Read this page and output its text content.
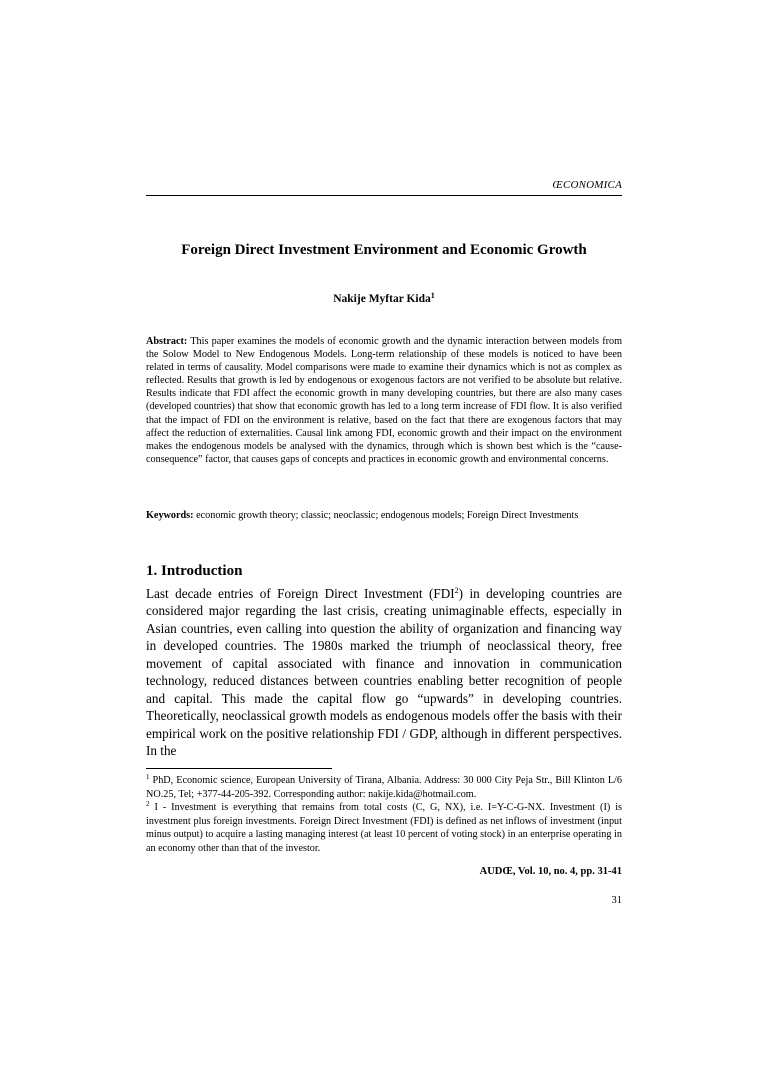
ŒCONOMICA
Foreign Direct Investment Environment and Economic Growth
Nakije Myftar Kida$^1$
Abstract: This paper examines the models of economic growth and the dynamic interaction between models from the Solow Model to New Endogenous Models. Long-term relationship of these models is noticed to have been related in terms of causality. Model comparisons were made to examine their dynamics which is not as complex as reflected. Results that growth is led by endogenous or exogenous factors are not verified to be absolute but relative. Results indicate that FDI affect the economic growth in many developing countries, but there are also many cases (developed countries) that show that economic growth has led to a long term increase of FDI flow. It is also verified that the impact of FDI on the environment is relative, based on the fact that there are exogenous factors that may affect the reduction of externalities. Causal link among FDI, economic growth and their impact on the environment makes the endogenous models be analysed with the dynamics, through which is shown best which is the “cause-consequence” factor, that causes gaps of concepts and practices in economic growth and environmental concerns.
Keywords: economic growth theory; classic; neoclassic; endogenous models; Foreign Direct Investments
1. Introduction
Last decade entries of Foreign Direct Investment (FDI$^2$) in developing countries are considered major regarding the last crisis, creating unimaginable effects, especially in Asian countries, even calling into question the ability of organization and financing way in developed countries. The 1980s marked the triumph of neoclassical theory, free movement of capital associated with finance and innovation in communication technology, reduced distances between countries enabling better recognition of people and capital. This made the capital flow go “upwards” in developing countries. Theoretically, neoclassical growth models as endogenous models offer the basis with their empirical work on the positive relationship FDI / GDP, although in different perspectives. In the

$^1$ PhD, Economic science, European University of Tirana, Albania. Address: 30 000 City Peja Str., Bill Klinton L/6 NO.25, Tel; +377-44-205-392. Corresponding author: nakije.kida@hotmail.com.

$^2$ I - Investment is everything that remains from total costs (C, G, NX), i.e. I=Y-C-G-NX. Investment (I) is investment plus foreign investments. Foreign Direct Investment (FDI) is defined as net inflows of investment (input minus output) to acquire a lasting managing interest (at least 10 percent of voting stock) in an enterprise operating in an economy other than that of the investor.

AUDŒ, Vol. 10, no. 4, pp. 31-41
31
